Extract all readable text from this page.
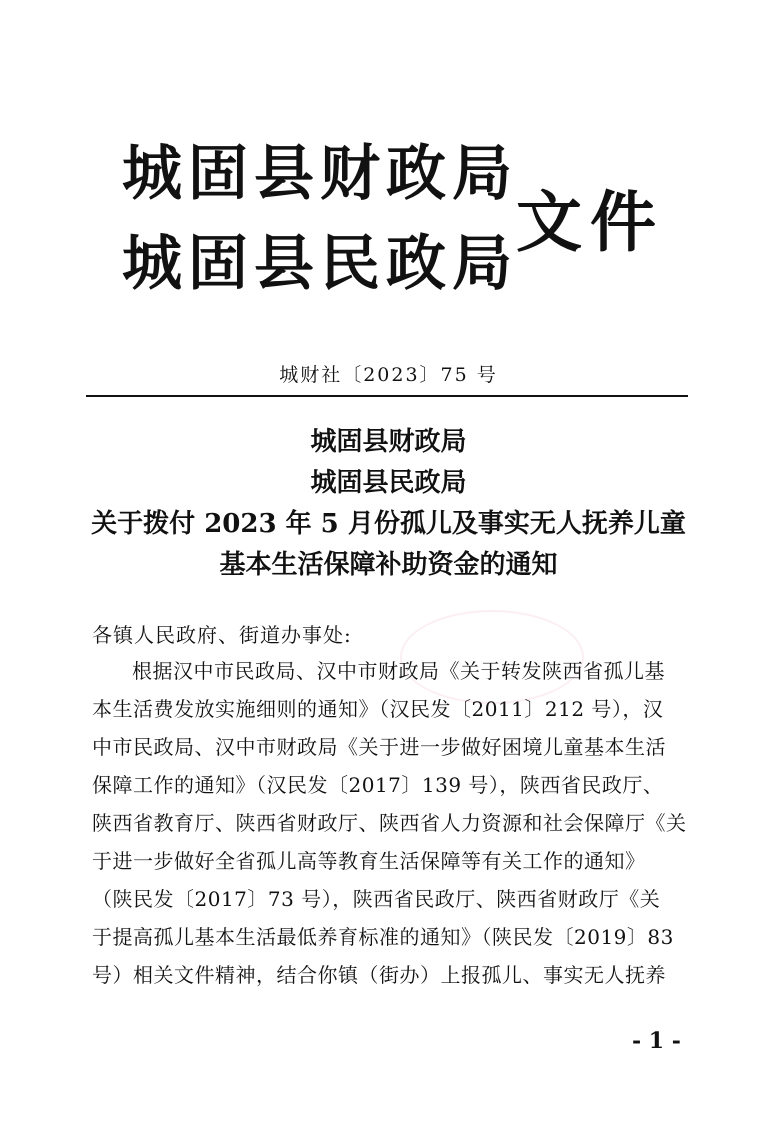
城固县财政局
城固县民政局
文件
城财社〔2023〕75 号
城固县财政局
城固县民政局
关于拨付 2023 年 5 月份孤儿及事实无人抚养儿童
基本生活保障补助资金的通知
各镇人民政府、街道办事处:
根据汉中市民政局、汉中市财政局《关于转发陕西省孤儿基
本生活费发放实施细则的通知》（汉民发〔2011〕212 号），汉
中市民政局、汉中市财政局《关于进一步做好困境儿童基本生活
保障工作的通知》（汉民发〔2017〕139 号），陕西省民政厅、
陕西省教育厅、陕西省财政厅、陕西省人力资源和社会保障厅《关
于进一步做好全省孤儿高等教育生活保障等有关工作的通知》
（陕民发〔2017〕73 号），陕西省民政厅、陕西省财政厅《关
于提高孤儿基本生活最低养育标准的通知》（陕民发〔2019〕83
号）相关文件精神，结合你镇（街办）上报孤儿、事实无人抚养
- 1 -
